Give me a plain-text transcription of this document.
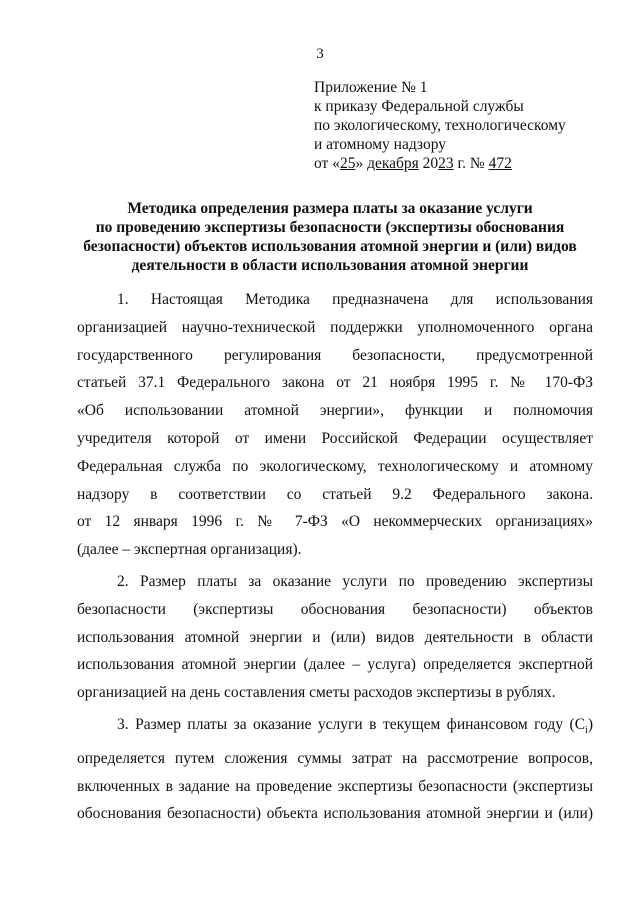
3
Приложение № 1
к приказу Федеральной службы
по экологическому, технологическому
и атомному надзору
от «25» декабря 2023 г. № 472
Методика определения размера платы за оказание услуги
по проведению экспертизы безопасности (экспертизы обоснования
безопасности) объектов использования атомной энергии и (или) видов
деятельности в области использования атомной энергии
1. Настоящая Методика предназначена для использования
организацией научно-технической поддержки уполномоченного органа
государственного регулирования безопасности, предусмотренной
статьей 37.1 Федерального закона от 21 ноября 1995 г. № 170-ФЗ
«Об использовании атомной энергии», функции и полномочия
учредителя которой от имени Российской Федерации осуществляет
Федеральная служба по экологическому, технологическому и атомному
надзору в соответствии со статьей 9.2 Федерального закона.
от 12 января 1996 г. № 7-ФЗ «О некоммерческих организациях»
(далее – экспертная организация).
2. Размер платы за оказание услуги по проведению экспертизы
безопасности (экспертизы обоснования безопасности) объектов
использования атомной энергии и (или) видов деятельности в области
использования атомной энергии (далее – услуга) определяется экспертной
организацией на день составления сметы расходов экспертизы в рублях.
3. Размер платы за оказание услуги в текущем финансовом году $(C_i)$
определяется путем сложения суммы затрат на рассмотрение вопросов,
включенных в задание на проведение экспертизы безопасности (экспертизы
обоснования безопасности) объекта использования атомной энергии и (или)
